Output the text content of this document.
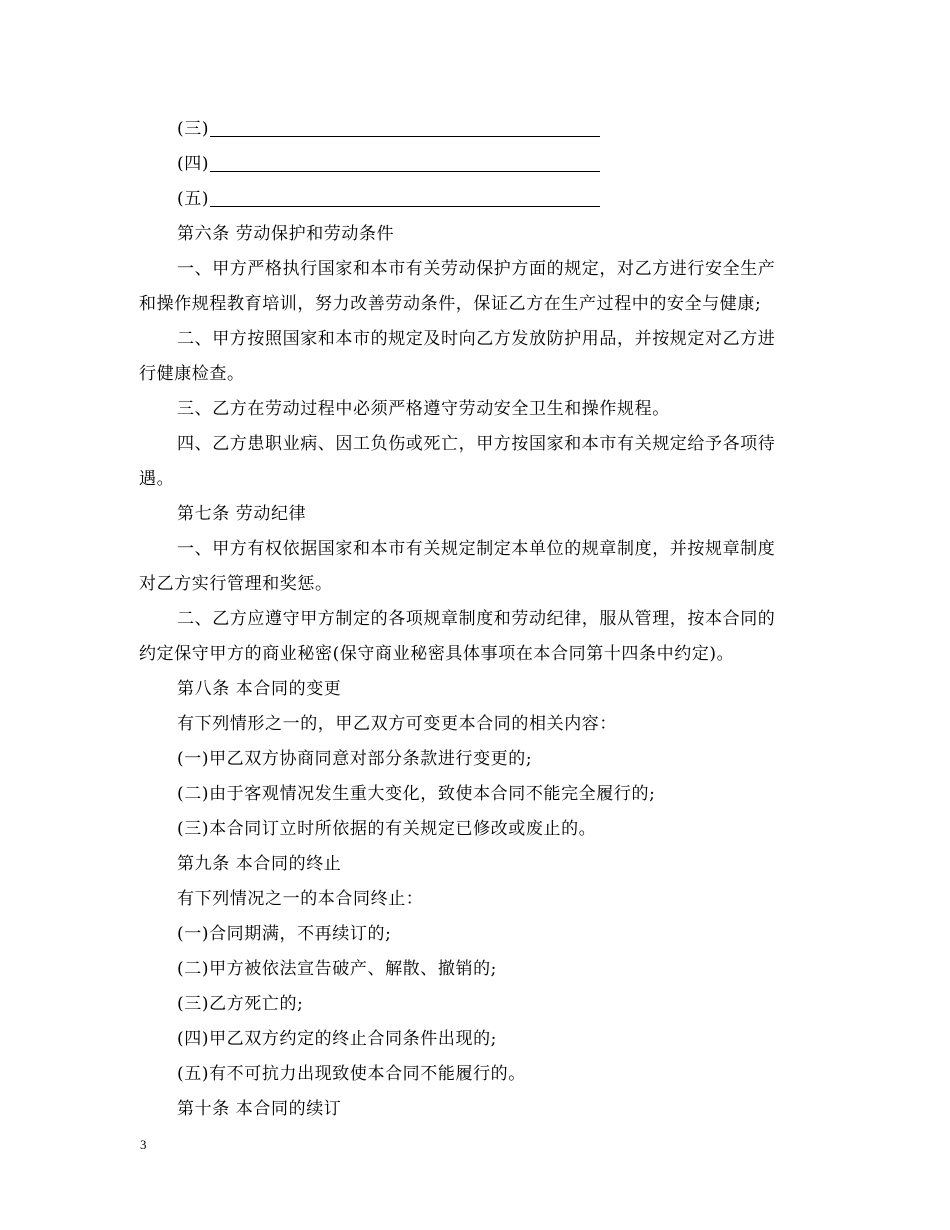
(三)
(四)
(五)
第六条 劳动保护和劳动条件
一、甲方严格执行国家和本市有关劳动保护方面的规定，对乙方进行安全生产
和操作规程教育培训，努力改善劳动条件，保证乙方在生产过程中的安全与健康;
二、甲方按照国家和本市的规定及时向乙方发放防护用品，并按规定对乙方进
行健康检查。
三、乙方在劳动过程中必须严格遵守劳动安全卫生和操作规程。
四、乙方患职业病、因工负伤或死亡，甲方按国家和本市有关规定给予各项待
遇。
第七条 劳动纪律
一、甲方有权依据国家和本市有关规定制定本单位的规章制度，并按规章制度
对乙方实行管理和奖惩。
二、乙方应遵守甲方制定的各项规章制度和劳动纪律，服从管理，按本合同的
约定保守甲方的商业秘密(保守商业秘密具体事项在本合同第十四条中约定)。
第八条 本合同的变更
有下列情形之一的，甲乙双方可变更本合同的相关内容：
(一)甲乙双方协商同意对部分条款进行变更的;
(二)由于客观情况发生重大变化，致使本合同不能完全履行的;
(三)本合同订立时所依据的有关规定已修改或废止的。
第九条 本合同的终止
有下列情况之一的本合同终止：
(一)合同期满，不再续订的;
(二)甲方被依法宣告破产、解散、撤销的;
(三)乙方死亡的;
(四)甲乙双方约定的终止合同条件出现的;
(五)有不可抗力出现致使本合同不能履行的。
第十条 本合同的续订
3
